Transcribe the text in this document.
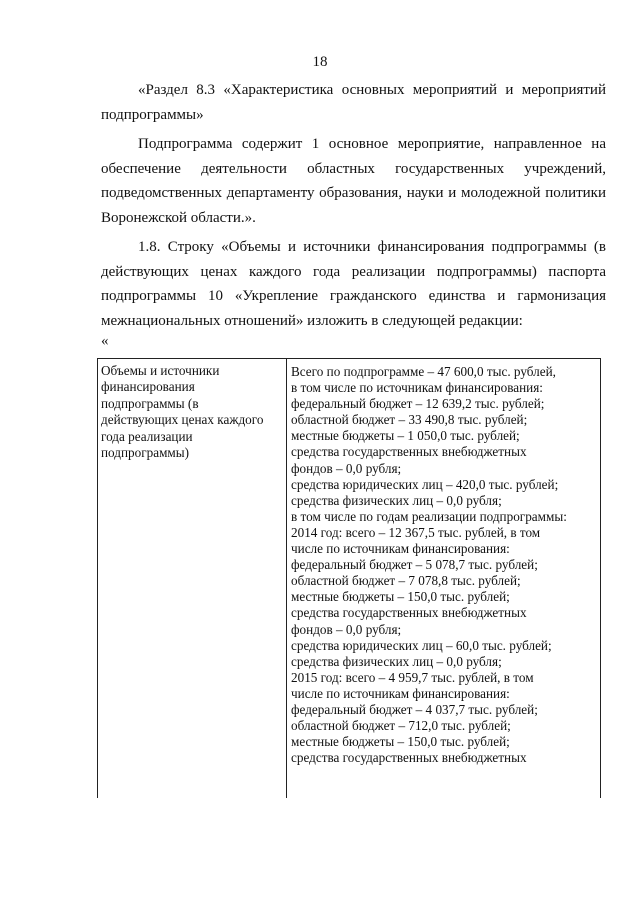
18
«Раздел 8.3 «Характеристика основных мероприятий и мероприятий
подпрограммы»
Подпрограмма содержит 1 основное мероприятие, направленное на
обеспечение деятельности областных государственных учреждений,
подведомственных департаменту образования, науки и молодежной политики
Воронежской области.».
1.8. Строку «Объемы и источники финансирования подпрограммы (в
действующих ценах каждого года реализации подпрограммы) паспорта
подпрограммы 10 «Укрепление гражданского единства и гармонизация
межнациональных отношений» изложить в следующей редакции:
«
Объемы и источники
финансирования
подпрограммы (в
действующих ценах каждого
года реализации
подпрограммы)
Всего по подпрограмме – 47 600,0 тыс. рублей,
в том числе по источникам финансирования:
федеральный бюджет – 12 639,2 тыс. рублей;
областной бюджет – 33 490,8 тыс. рублей;
местные бюджеты – 1 050,0 тыс. рублей;
средства государственных внебюджетных
фондов – 0,0 рубля;
средства юридических лиц – 420,0 тыс. рублей;
средства физических лиц – 0,0 рубля;
в том числе по годам реализации подпрограммы:
2014 год: всего – 12 367,5 тыс. рублей, в том
числе по источникам финансирования:
федеральный бюджет – 5 078,7 тыс. рублей;
областной бюджет – 7 078,8 тыс. рублей;
местные бюджеты – 150,0 тыс. рублей;
средства государственных внебюджетных
фондов – 0,0 рубля;
средства юридических лиц – 60,0 тыс. рублей;
средства физических лиц – 0,0 рубля;
2015 год: всего – 4 959,7 тыс. рублей, в том
числе по источникам финансирования:
федеральный бюджет – 4 037,7 тыс. рублей;
областной бюджет – 712,0 тыс. рублей;
местные бюджеты – 150,0 тыс. рублей;
средства государственных внебюджетных
